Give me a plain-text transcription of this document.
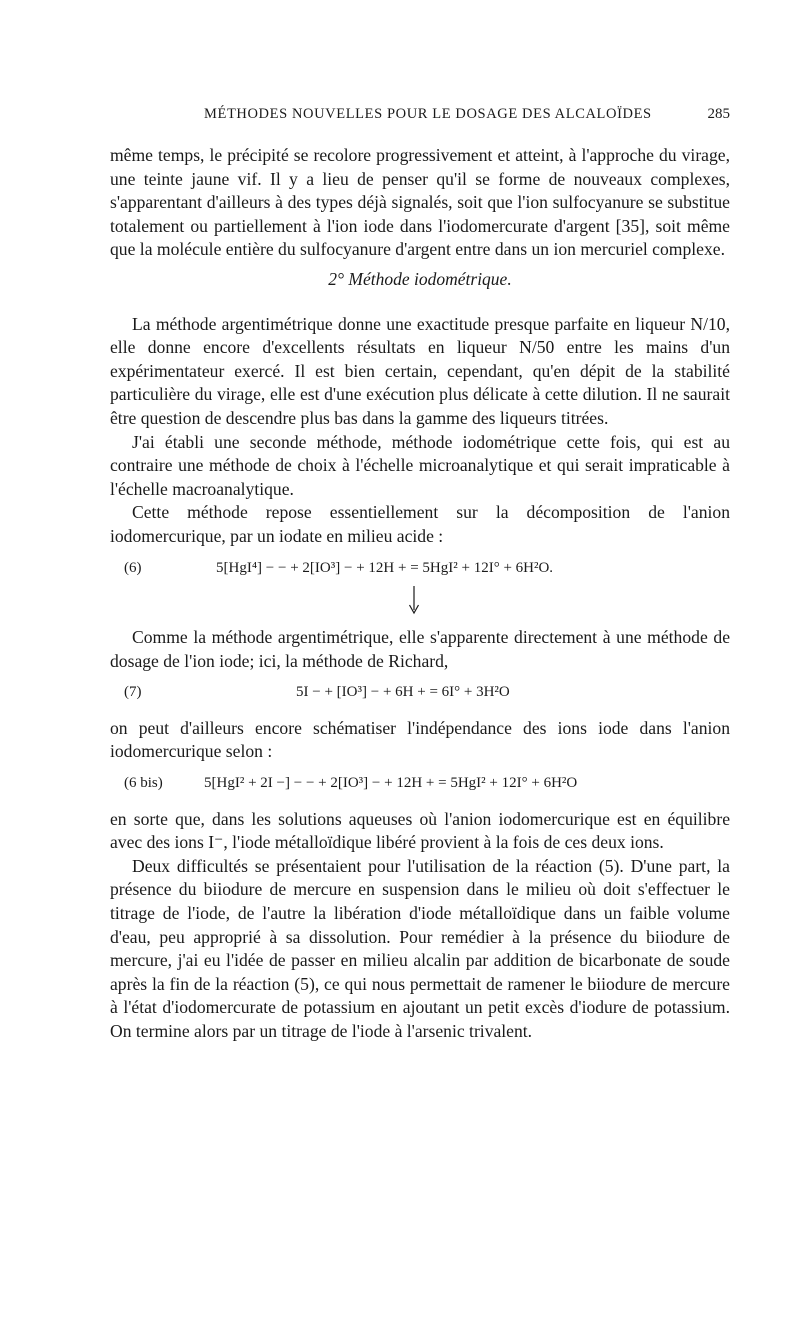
MÉTHODES NOUVELLES POUR LE DOSAGE DES ALCALOÏDES	285

même temps, le précipité se recolore progressivement et atteint, à l'approche du virage, une teinte jaune vif. Il y a lieu de penser qu'il se forme de nouveaux complexes, s'apparentant d'ailleurs à des types déjà signalés, soit que l'ion sulfocyanure se substitue totalement ou partiellement à l'ion iode dans l'iodomercurate d'argent [35], soit même que la molécule entière du sulfocyanure d'argent entre dans un ion mercuriel complexe.

2° Méthode iodométrique.

La méthode argentimétrique donne une exactitude presque parfaite en liqueur N/10, elle donne encore d'excellents résultats en liqueur N/50 entre les mains d'un expérimentateur exercé. Il est bien certain, cependant, qu'en dépit de la stabilité particulière du virage, elle est d'une exécution plus délicate à cette dilution. Il ne saurait être question de descendre plus bas dans la gamme des liqueurs titrées.

J'ai établi une seconde méthode, méthode iodométrique cette fois, qui est au contraire une méthode de choix à l'échelle microanalytique et qui serait impraticable à l'échelle macroanalytique.

Cette méthode repose essentiellement sur la décomposition de l'anion iodomercurique, par un iodate en milieu acide :

(6)	5[HgI⁴] − − + 2[IO³] − + 12H + = 5HgI² + 12I° + 6H²O.

Comme la méthode argentimétrique, elle s'apparente directement à une méthode de dosage de l'ion iode; ici, la méthode de Richard,

(7)	5I − + [IO³] − + 6H + = 6I° + 3H²O

on peut d'ailleurs encore schématiser l'indépendance des ions iode dans l'anion iodomercurique selon :

(6 bis)	5[HgI² + 2I −] − − + 2[IO³] − + 12H + = 5HgI² + 12I° + 6H²O

en sorte que, dans les solutions aqueuses où l'anion iodomercurique est en équilibre avec des ions I⁻, l'iode métalloïdique libéré provient à la fois de ces deux ions.

Deux difficultés se présentaient pour l'utilisation de la réaction (5). D'une part, la présence du biiodure de mercure en suspension dans le milieu où doit s'effectuer le titrage de l'iode, de l'autre la libération d'iode métalloïdique dans un faible volume d'eau, peu approprié à sa dissolution. Pour remédier à la présence du biiodure de mercure, j'ai eu l'idée de passer en milieu alcalin par addition de bicarbonate de soude après la fin de la réaction (5), ce qui nous permettait de ramener le biiodure de mercure à l'état d'iodomercurate de potassium en ajoutant un petit excès d'iodure de potassium. On termine alors par un titrage de l'iode à l'arsenic trivalent.
